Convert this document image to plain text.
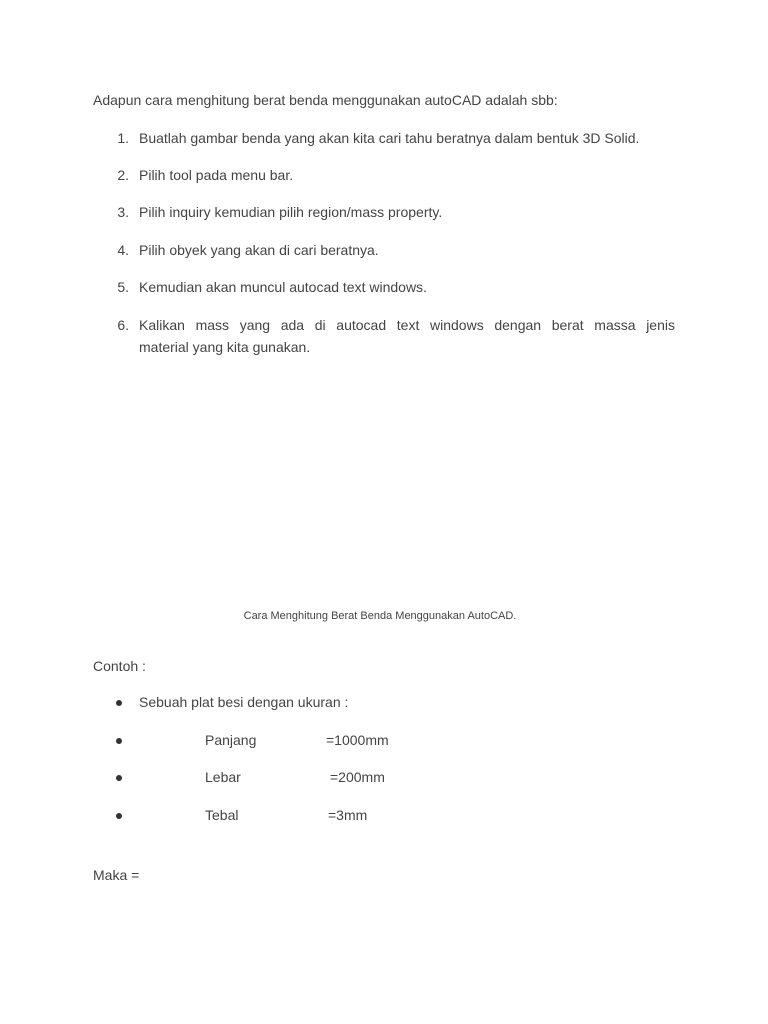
Adapun cara menghitung berat benda menggunakan autoCAD adalah sbb:
1. Buatlah gambar benda yang akan kita cari tahu beratnya dalam bentuk 3D Solid.
2. Pilih tool pada menu bar.
3. Pilih inquiry kemudian pilih region/mass property.
4. Pilih obyek yang akan di cari beratnya.
5. Kemudian akan muncul autocad text windows.
6. Kalikan mass yang ada di autocad text windows dengan berat massa jenis
material yang kita gunakan.
Cara Menghitung Berat Benda Menggunakan AutoCAD.
Contoh :
Sebuah plat besi dengan ukuran :
Panjang	=1000mm
Lebar	=200mm
Tebal	=3mm
Maka =
